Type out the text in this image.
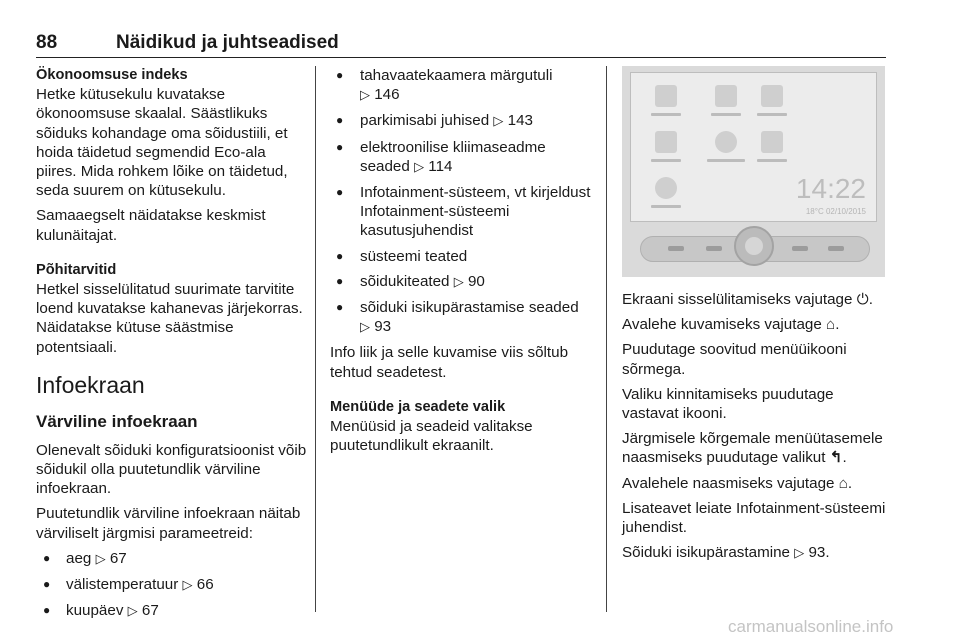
88	Näidikud ja juhtseadised
Ökonoomsuse indeks

Hetke kütusekulu kuvatakse ökonoomsuse skaalal. Säästlikuks sõiduks kohandage oma sõidustiili, et hoida täidetud segmendid Eco-ala piires. Mida rohkem lõike on täidetud, seda suurem on kütusekulu.

Samaaegselt näidatakse keskmist kulunäitajat.

Põhitarvitid

Hetkel sisselülitatud suurimate tarvitite loend kuvatakse kahanevas järjekorras. Näidatakse kütuse säästmise potentsiaali.

Infoekraan
Värviline infoekraan

Olenevalt sõiduki konfiguratsioonist võib sõidukil olla puutetundlik värviline infoekraan.

Puutetundlik värviline infoekraan näitab värviliselt järgmisi parameetreid:

● aeg ▷ 67
● välistemperatuur ▷ 66
● kuupäev ▷ 67
● tahavaatekaamera märgutuli
▷ 146
● parkimisabi juhised ▷ 143
● elektroonilise kliimaseadme seaded ▷ 114
● Infotainment-süsteem, vt kirjeldust Infotainment-süsteemi kasutusjuhendist
● süsteemi teated
● sõidukiteated ▷ 90
● sõiduki isikupärastamise seaded
▷ 93

Info liik ja selle kuvamise viis sõltub tehtud seadetest.

Menüüde ja seadete valik

Menüüsid ja seadeid valitakse puutetundlikult ekraanilt.

14:22
18°C 02/10/2015

Ekraani sisselülitamiseks vajutage ⏻.

Avalehe kuvamiseks vajutage ⌂.

Puudutage soovitud menüüikooni sõrmega.

Valiku kinnitamiseks puudutage vastavat ikooni.

Järgmisele kõrgemale menüütasemele naasmiseks puudutage valikut ↰.

Avalehele naasmiseks vajutage ⌂.

Lisateavet leiate Infotainment-süsteemi juhendist.

Sõiduki isikupärastamine ▷ 93.

carmanualsonline.info
